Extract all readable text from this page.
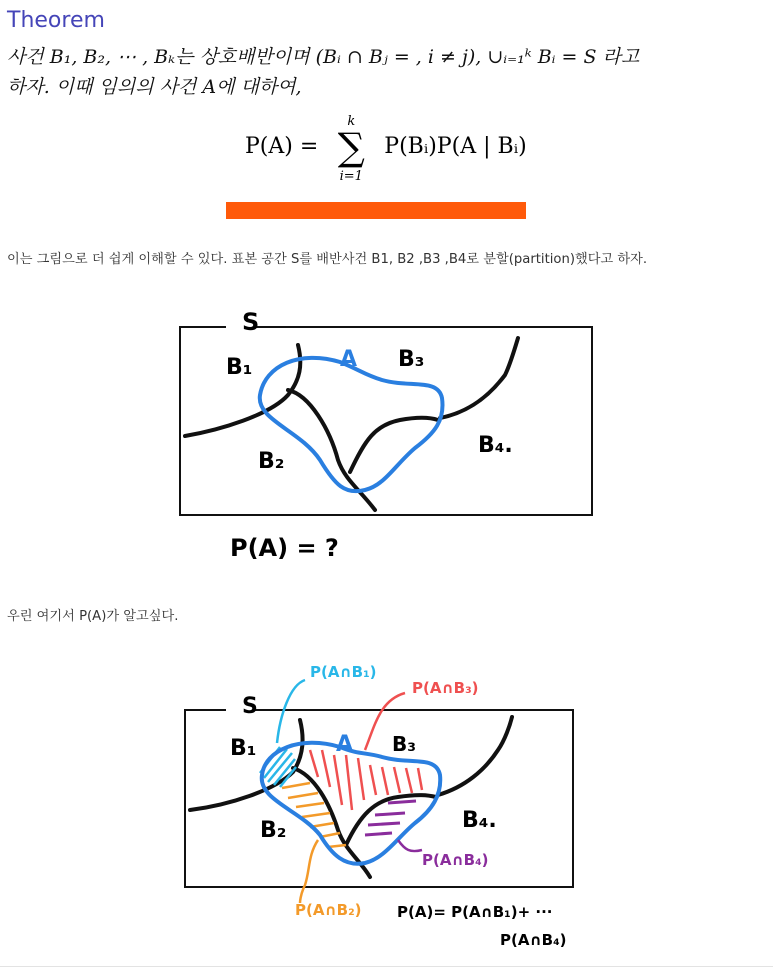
Theorem
사건 B₁, B₂, ⋯ , Bₖ는 상호배반이며 (Bᵢ ∩ Bⱼ = , i ≠ j), ∪ᵢ₌₁ᵏ Bᵢ = S 라고
하자. 이때 임의의 사건 A에 대하여,
P(A) =
k
∑
i=1
P(Bᵢ)P(A | Bᵢ)
이는 그림으로 더 쉽게 이해할 수 있다. 표본 공간 S를 배반사건 B1, B2 ,B3 ,B4로 분할(partition)했다고 하자.
S
B₁	A B₃
B₂
B₄.
P(A) = ?
우린 여기서 P(A)가 알고싶다.
P(A∩B₁)
P(A∩B₃)
S
B₁	A B₃
B₂	B₄.
P(A∩B₄)
P(A∩B₂) P(A)= P(A∩B₁)+ ···
P(A∩B₄)
